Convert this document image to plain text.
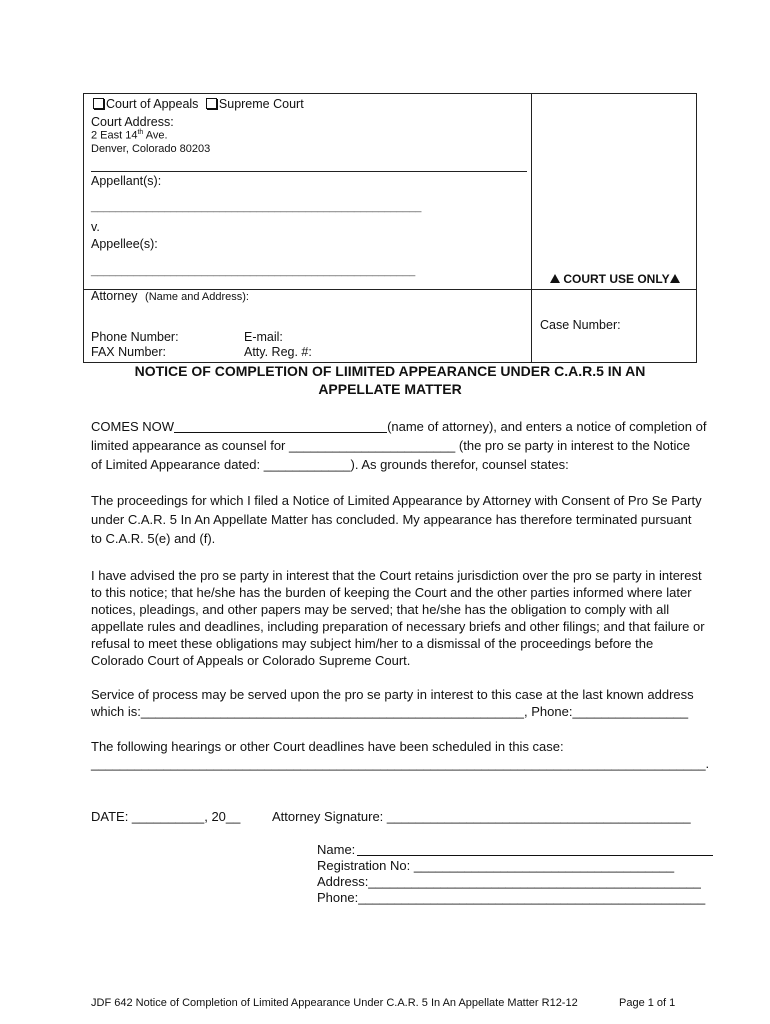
Court of Appeals Supreme Court
Court Address:
2 East 14th Ave.
Denver, Colorado 80203
Appellant(s):
______________________________________________________
v.
Appellee(s):
_____________________________________________________
COURT USE ONLY
Attorney (Name and Address):
Case Number:
Phone Number:	E-mail:
FAX Number:	Atty. Reg. #:
NOTICE OF COMPLETION OF LIIMITED APPEARANCE UNDER C.A.R.5 IN AN
APPELLATE MATTER
COMES NOW	(name of attorney), and enters a notice of completion of
limited appearance as counsel for _______________________ (the pro se party in interest to the Notice
of Limited Appearance dated: ____________). As grounds therefor, counsel states:
The proceedings for which I filed a Notice of Limited Appearance by Attorney with Consent of Pro Se Party
under C.A.R. 5 In An Appellate Matter has concluded. My appearance has therefore terminated pursuant
to C.A.R. 5(e) and (f).
I have advised the pro se party in interest that the Court retains jurisdiction over the pro se party in interest
to this notice; that he/she has the burden of keeping the Court and the other parties informed where later
notices, pleadings, and other papers may be served; that he/she has the obligation to comply with all
appellate rules and deadlines, including preparation of necessary briefs and other filings; and that failure or
refusal to meet these obligations may subject him/her to a dismissal of the proceedings before the
Colorado Court of Appeals or Colorado Supreme Court.
Service of process may be served upon the pro se party in interest to this case at the last known address
which is:_____________________________________________________, Phone:________________
The following hearings or other Court deadlines have been scheduled in this case:
_____________________________________________________________________________________.
DATE: __________, 20__ Attorney Signature: __________________________________________
Name:
Registration No: ____________________________________
Address:______________________________________________
Phone:________________________________________________
JDF 642 Notice of Completion of Limited Appearance Under C.A.R. 5 In An Appellate Matter R12-12	Page 1 of 1
